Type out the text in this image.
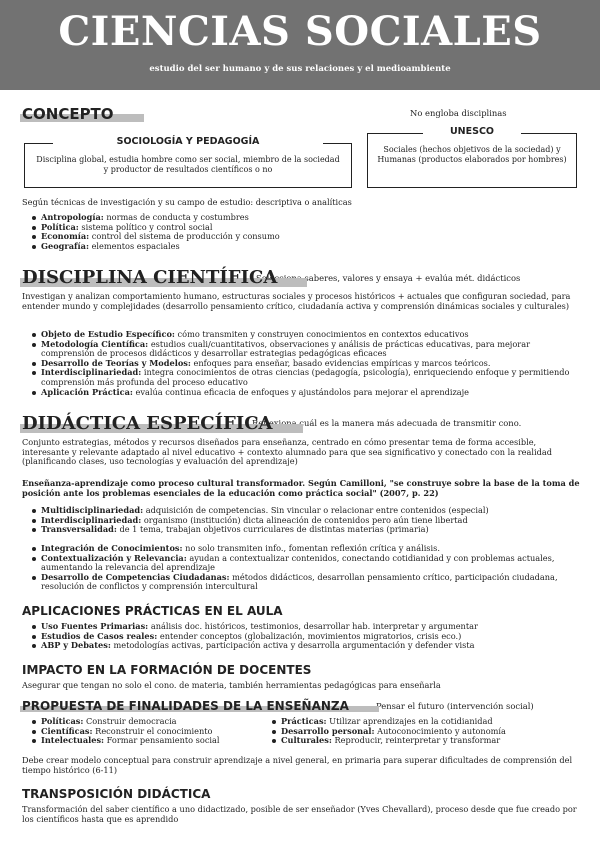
CIENCIAS SOCIALES
estudio del ser humano y de sus relaciones y el medioambiente
CONCEPTO
SOCIOLOGÍA Y PEDAGOGÍA
Disciplina global, estudia hombre como ser social, miembro de la sociedad y productor de resultados científicos o no
No engloba disciplinas
UNESCO
Sociales (hechos objetivos de la sociedad) y Humanas (productos elaborados por hombres)
Según técnicas de investigación y su campo de estudio: descriptiva o analíticas
Antropología: normas de conducta y costumbres
Política: sistema político y control social
Economía: control del sistema de producción y consumo
Geografía: elementos espaciales
DISCIPLINA CIENTÍFICA
Selecciona saberes, valores y ensaya + evalúa mét. didácticos
Investigan y analizan comportamiento humano, estructuras sociales y procesos históricos + actuales que configuran sociedad, para entender mundo y complejidades (desarrollo pensamiento crítico, ciudadanía activa y comprensión dinámicas sociales y culturales)
Objeto de Estudio Específico: cómo transmiten y construyen conocimientos en contextos educativos
Metodología Científica: estudios cuali/cuantitativos, observaciones y análisis de prácticas educativas, para mejorar comprensión de procesos didácticos y desarrollar estrategias pedagógicas eficaces
Desarrollo de Teorías y Modelos: enfoques para enseñar, basado evidencias empíricas y marcos teóricos.
Interdisciplinariedad: integra conocimientos de otras ciencias (pedagogía, psicología), enriqueciendo enfoque y permitiendo comprensión más profunda del proceso educativo
Aplicación Práctica: evalúa continua eficacia de enfoques y ajustándolos para mejorar el aprendizaje
DIDÁCTICA ESPECÍFICA
Reflexiona cuál es la manera más adecuada de transmitir cono.
Conjunto estrategias, métodos y recursos diseñados para enseñanza, centrado en cómo presentar tema de forma accesible, interesante y relevante adaptado al nivel educativo + contexto alumnado para que sea significativo y conectado con la realidad (planificando clases, uso tecnologías y evaluación del aprendizaje)
Enseñanza-aprendizaje como proceso cultural transformador. Según Camilloni, "se construye sobre la base de la toma de posición ante los problemas esenciales de la educación como práctica social" (2007, p. 22)
Multidisciplinariedad: adquisición de competencias. Sin vincular o relacionar entre contenidos (especial)
Interdisciplinariedad: organismo (institución) dicta alineación de contenidos pero aún tiene libertad
Transversalidad: de 1 tema, trabajan objetivos curriculares de distintas materias (primaria)
Integración de Conocimientos: no solo transmiten info., fomentan reflexión crítica y análisis.
Contextualización y Relevancia: ayudan a contextualizar contenidos, conectando cotidianidad y con problemas actuales, aumentando la relevancia del aprendizaje
Desarrollo de Competencias Ciudadanas: métodos didácticos, desarrollan pensamiento crítico, participación ciudadana, resolución de conflictos y comprensión intercultural
APLICACIONES PRÁCTICAS EN EL AULA
Uso Fuentes Primarias: análisis doc. históricos, testimonios, desarrollar hab. interpretar y argumentar
Estudios de Casos reales: entender conceptos (globalización, movimientos migratorios, crisis eco.)
ABP y Debates: metodologías activas, participación activa y desarrolla argumentación y defender vista
IMPACTO EN LA FORMACIÓN DE DOCENTES
Asegurar que tengan no solo el cono. de materia, también herramientas pedagógicas para enseñarla
PROPUESTA DE FINALIDADES DE LA ENSEÑANZA	Pensar el futuro (intervención social)
Políticas: Construir democracia
Científicas: Reconstruir el conocimiento
Intelectuales: Formar pensamiento social
Prácticas: Utilizar aprendizajes en la cotidianidad
Desarrollo personal: Autoconocimiento y autonomía
Culturales: Reproducir, reinterpretar y transformar
Debe crear modelo conceptual para construir aprendizaje a nivel general, en primaria para superar dificultades de comprensión del tiempo histórico (6-11)
TRANSPOSICIÓN DIDÁCTICA
Transformación del saber científico a uno didactizado, posible de ser enseñador (Yves Chevallard), proceso desde que fue creado por los científicos hasta que es aprendido
